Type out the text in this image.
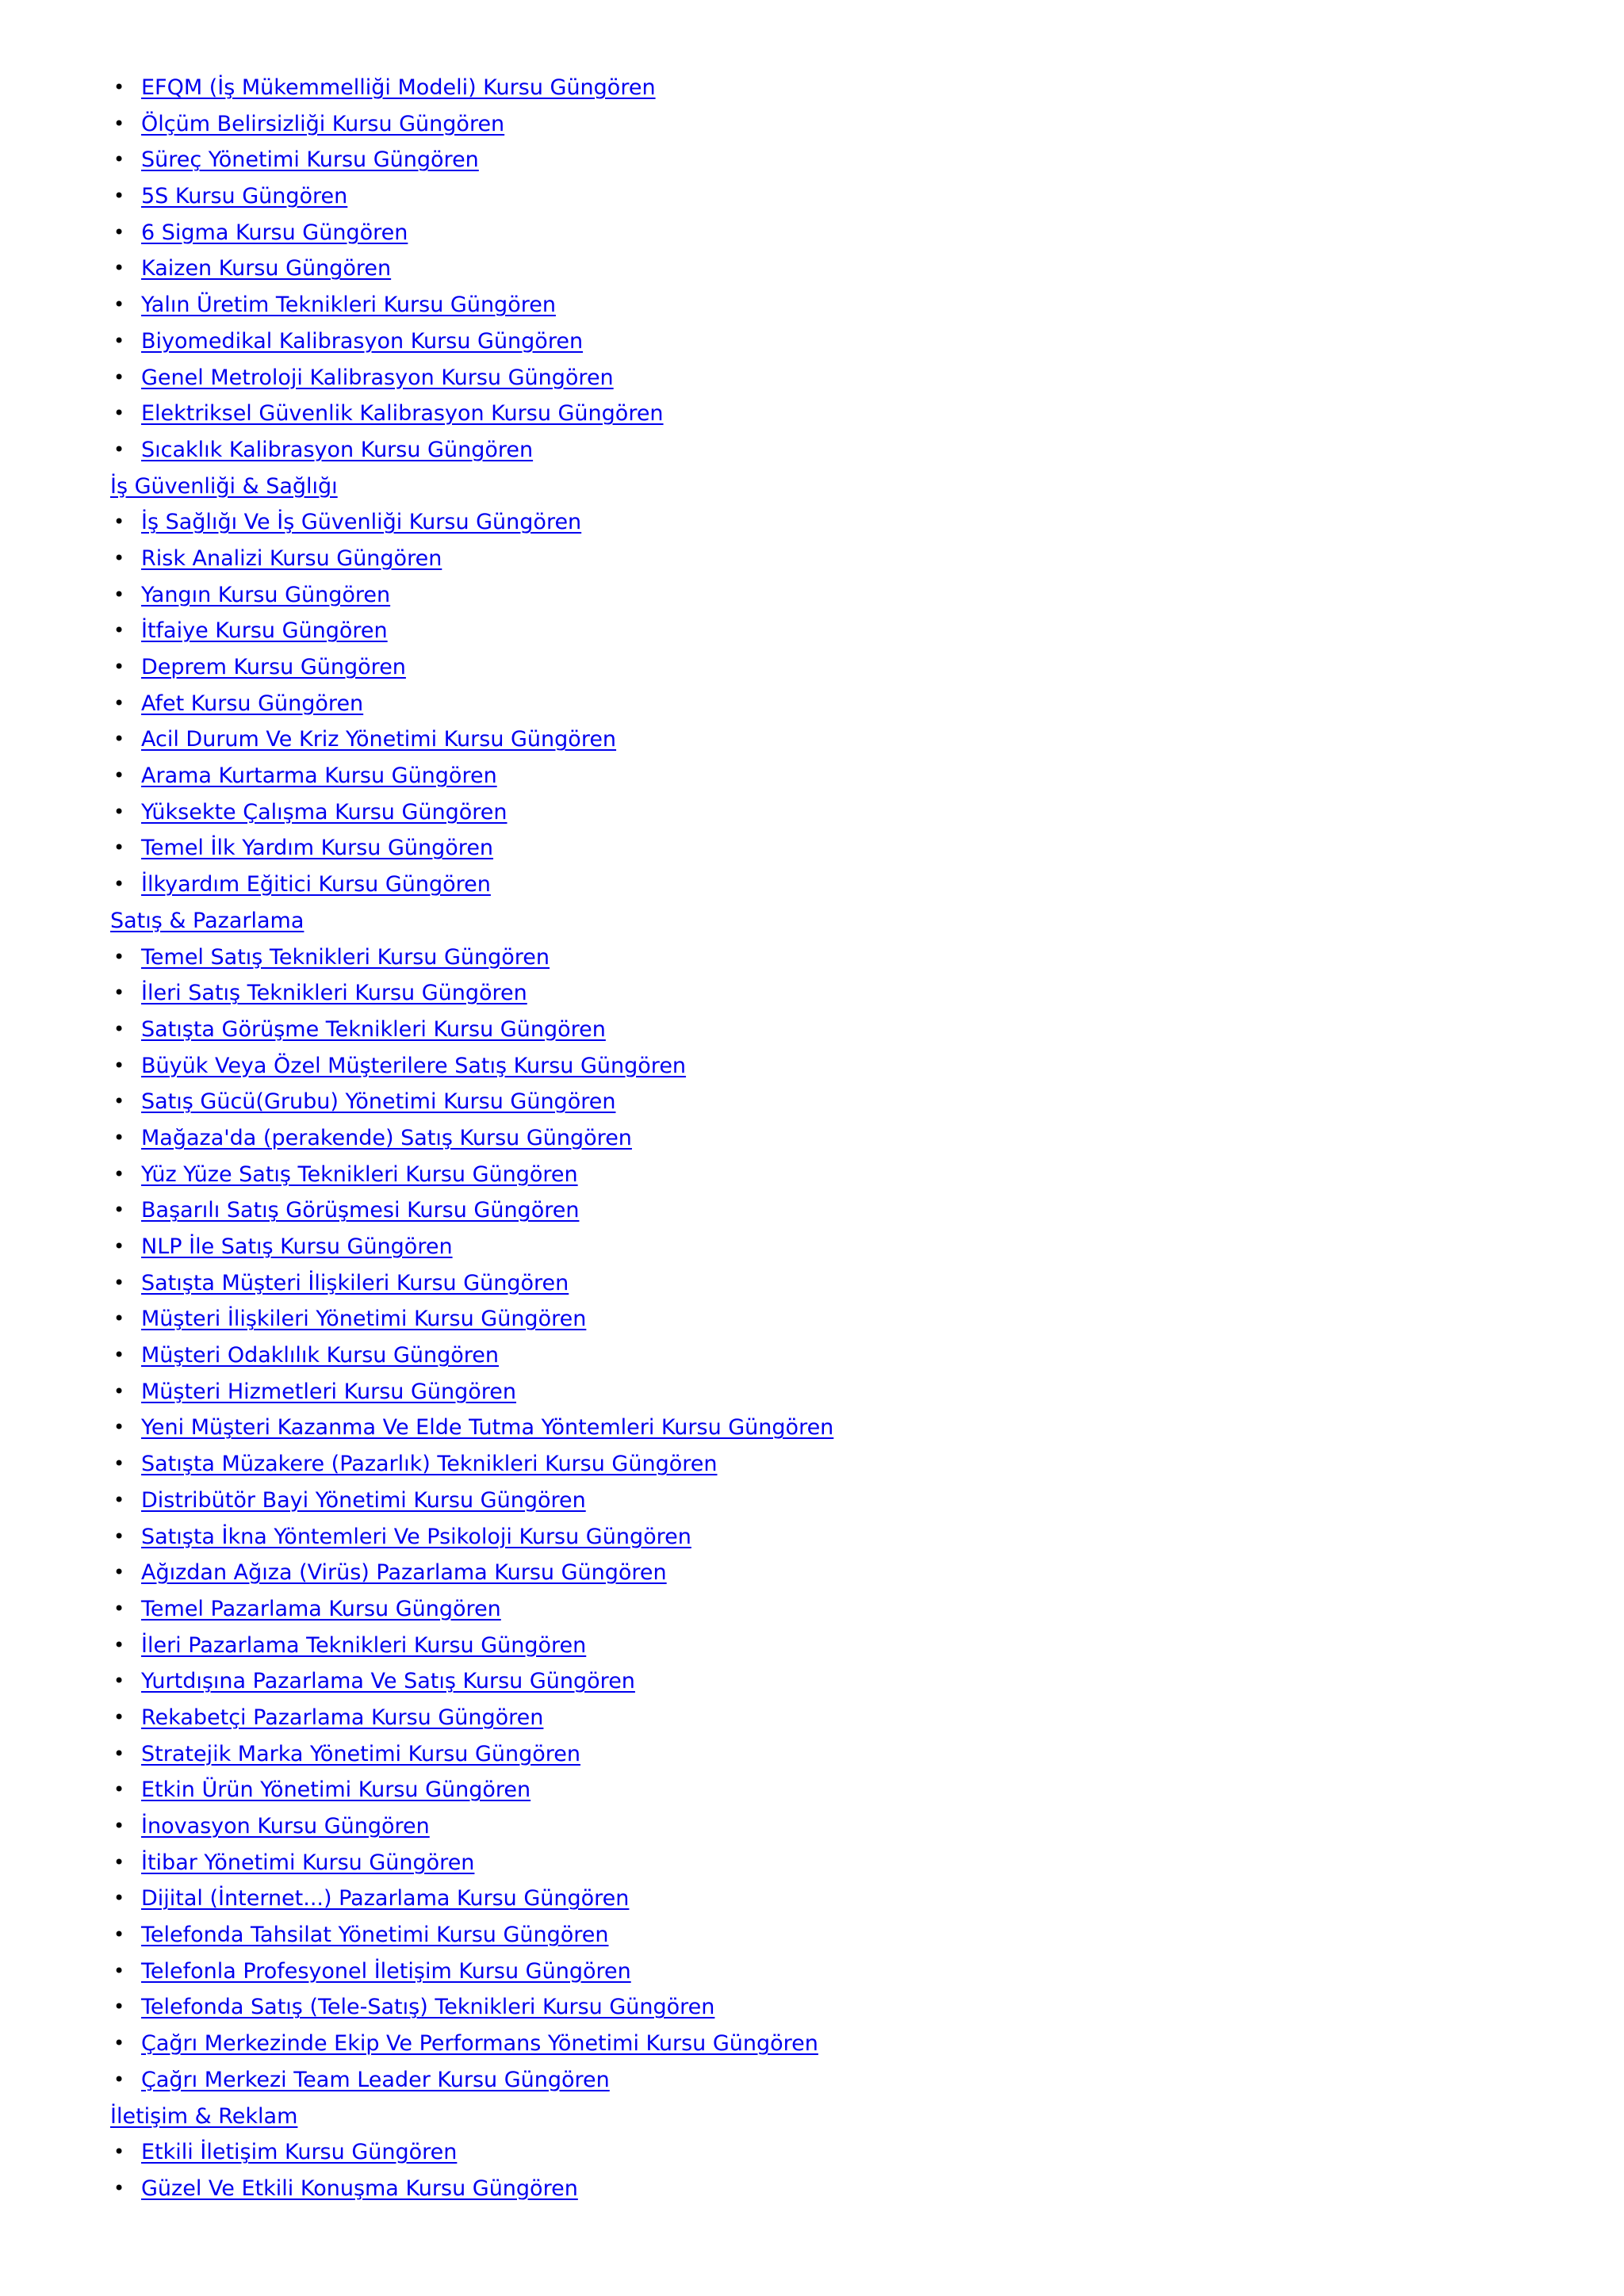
• EFQM (İş Mükemmelliği Modeli) Kursu Güngören
• Ölçüm Belirsizliği Kursu Güngören
• Süreç Yönetimi Kursu Güngören
• 5S Kursu Güngören
• 6 Sigma Kursu Güngören
• Kaizen Kursu Güngören
• Yalın Üretim Teknikleri Kursu Güngören
• Biyomedikal Kalibrasyon Kursu Güngören
• Genel Metroloji Kalibrasyon Kursu Güngören
• Elektriksel Güvenlik Kalibrasyon Kursu Güngören
• Sıcaklık Kalibrasyon Kursu Güngören
İş Güvenliği & Sağlığı
• İş Sağlığı Ve İş Güvenliği Kursu Güngören
• Risk Analizi Kursu Güngören
• Yangın Kursu Güngören
• İtfaiye Kursu Güngören
• Deprem Kursu Güngören
• Afet Kursu Güngören
• Acil Durum Ve Kriz Yönetimi Kursu Güngören
• Arama Kurtarma Kursu Güngören
• Yüksekte Çalışma Kursu Güngören
• Temel İlk Yardım Kursu Güngören
• İlkyardım Eğitici Kursu Güngören
Satış & Pazarlama
• Temel Satış Teknikleri Kursu Güngören
• İleri Satış Teknikleri Kursu Güngören
• Satışta Görüşme Teknikleri Kursu Güngören
• Büyük Veya Özel Müşterilere Satış Kursu Güngören
• Satış Gücü(Grubu) Yönetimi Kursu Güngören
• Mağaza'da (perakende) Satış Kursu Güngören
• Yüz Yüze Satış Teknikleri Kursu Güngören
• Başarılı Satış Görüşmesi Kursu Güngören
• NLP İle Satış Kursu Güngören
• Satışta Müşteri İlişkileri Kursu Güngören
• Müşteri İlişkileri Yönetimi Kursu Güngören
• Müşteri Odaklılık Kursu Güngören
• Müşteri Hizmetleri Kursu Güngören
• Yeni Müşteri Kazanma Ve Elde Tutma Yöntemleri Kursu Güngören
• Satışta Müzakere (Pazarlık) Teknikleri Kursu Güngören
• Distribütör Bayi Yönetimi Kursu Güngören
• Satışta İkna Yöntemleri Ve Psikoloji Kursu Güngören
• Ağızdan Ağıza (Virüs) Pazarlama Kursu Güngören
• Temel Pazarlama Kursu Güngören
• İleri Pazarlama Teknikleri Kursu Güngören
• Yurtdışına Pazarlama Ve Satış Kursu Güngören
• Rekabetçi Pazarlama Kursu Güngören
• Stratejik Marka Yönetimi Kursu Güngören
• Etkin Ürün Yönetimi Kursu Güngören
• İnovasyon Kursu Güngören
• İtibar Yönetimi Kursu Güngören
• Dijital (İnternet...) Pazarlama Kursu Güngören
• Telefonda Tahsilat Yönetimi Kursu Güngören
• Telefonla Profesyonel İletişim Kursu Güngören
• Telefonda Satış (Tele-Satış) Teknikleri Kursu Güngören
• Çağrı Merkezinde Ekip Ve Performans Yönetimi Kursu Güngören
• Çağrı Merkezi Team Leader Kursu Güngören
İletişim & Reklam
• Etkili İletişim Kursu Güngören
• Güzel Ve Etkili Konuşma Kursu Güngören
